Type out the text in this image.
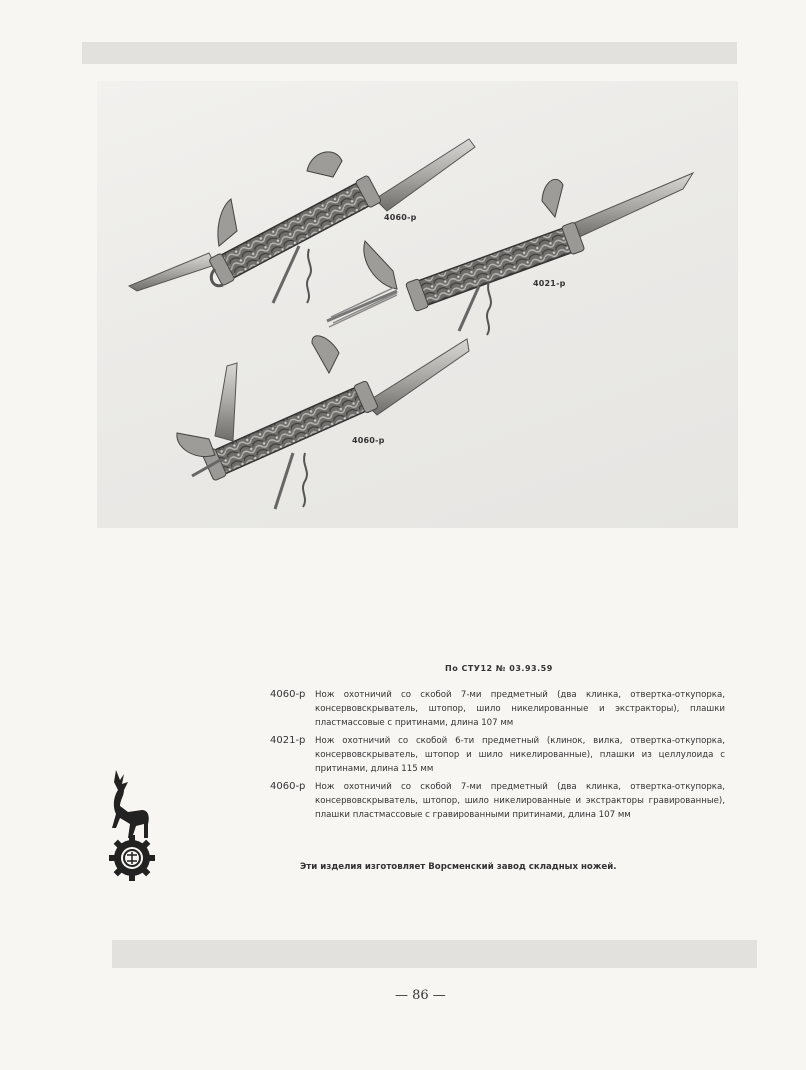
4060-р
4021-р
4060-р
По СТУ12 № 03.93.59
4060-р	Нож охотничий со скобой 7-ми предметный (два клинка, отвертка-откупорка, консервовскрыватель, штопор, шило никелированные и экстракторы), плашки пластмассовые с притинами, длина 107 мм
4021-р	Нож охотничий со скобой 6-ти предметный (клинок, вилка, отвертка-откупорка, консервовскрыватель, штопор и шило никелированные), плашки из целлулоида с притинами, длина 115 мм
4060-р	Нож охотничий со скобой 7-ми предметный (два клинка, отвертка-откупорка, консервовскрыватель, штопор, шило никелированные и экстракторы гравированные), плашки пластмассовые с гравированными притинами, длина 107 мм
Эти изделия изготовляет Ворсменский завод складных ножей.
— 86 —
